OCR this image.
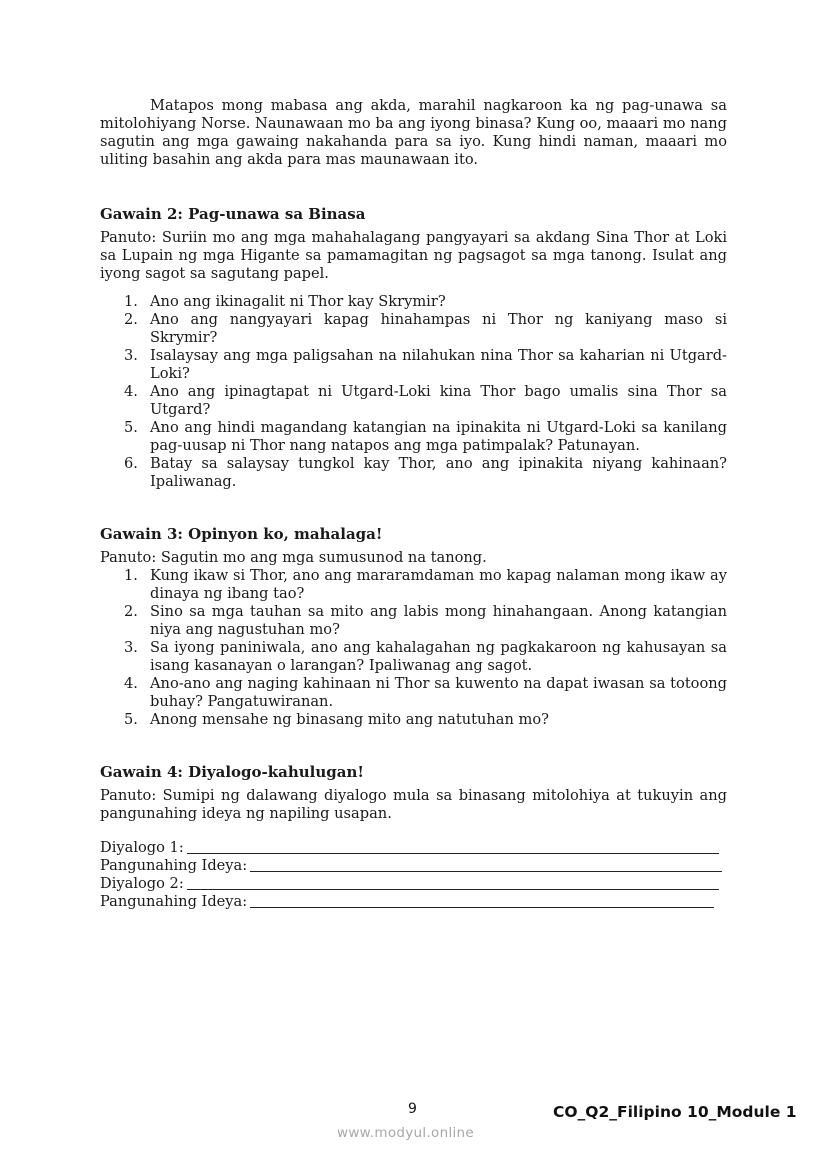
Matapos mong mabasa ang akda, marahil nagkaroon ka ng pag-unawa sa mitolohiyang Norse. Naunawaan mo ba ang iyong binasa? Kung oo, maaari mo nang sagutin ang mga gawaing nakahanda para sa iyo. Kung hindi naman, maaari mo uliting basahin ang akda para mas maunawaan ito.

Gawain 2: Pag-unawa sa Binasa

Panuto: Suriin mo ang mga mahahalagang pangyayari sa akdang Sina Thor at Loki sa Lupain ng mga Higante sa pamamagitan ng pagsagot sa mga tanong. Isulat ang iyong sagot sa sagutang papel.

1. Ano ang ikinagalit ni Thor kay Skrymir?
2. Ano ang nangyayari kapag hinahampas ni Thor ng kaniyang maso si Skrymir?
3. Isalaysay ang mga paligsahan na nilahukan nina Thor sa kaharian ni Utgard-Loki?
4. Ano ang ipinagtapat ni Utgard-Loki kina Thor bago umalis sina Thor sa Utgard?
5. Ano ang hindi magandang katangian na ipinakita ni Utgard-Loki sa kanilang pag-uusap ni Thor nang natapos ang mga patimpalak? Patunayan.
6. Batay sa salaysay tungkol kay Thor, ano ang ipinakita niyang kahinaan? Ipaliwanag.
Gawain 3: Opinyon ko, mahalaga!

Panuto: Sagutin mo ang mga sumusunod na tanong.

1. Kung ikaw si Thor, ano ang mararamdaman mo kapag nalaman mong ikaw ay dinaya ng ibang tao?
2. Sino sa mga tauhan sa mito ang labis mong hinahangaan. Anong katangian niya ang nagustuhan mo?
3. Sa iyong paniniwala, ano ang kahalagahan ng pagkakaroon ng kahusayan sa isang kasanayan o larangan? Ipaliwanag ang sagot.
4. Ano-ano ang naging kahinaan ni Thor sa kuwento na dapat iwasan sa totoong buhay? Pangatuwiranan.
5. Anong mensahe ng binasang mito ang natutuhan mo?
Gawain 4: Diyalogo-kahulugan!

Panuto: Sumipi ng dalawang diyalogo mula sa binasang mitolohiya at tukuyin ang pangunahing ideya ng napiling usapan.

Diyalogo 1:
Pangunahing Ideya:
Diyalogo 2:
Pangunahing Ideya:
9	CO_Q2_Filipino 10_Module 1
www.modyul.online
